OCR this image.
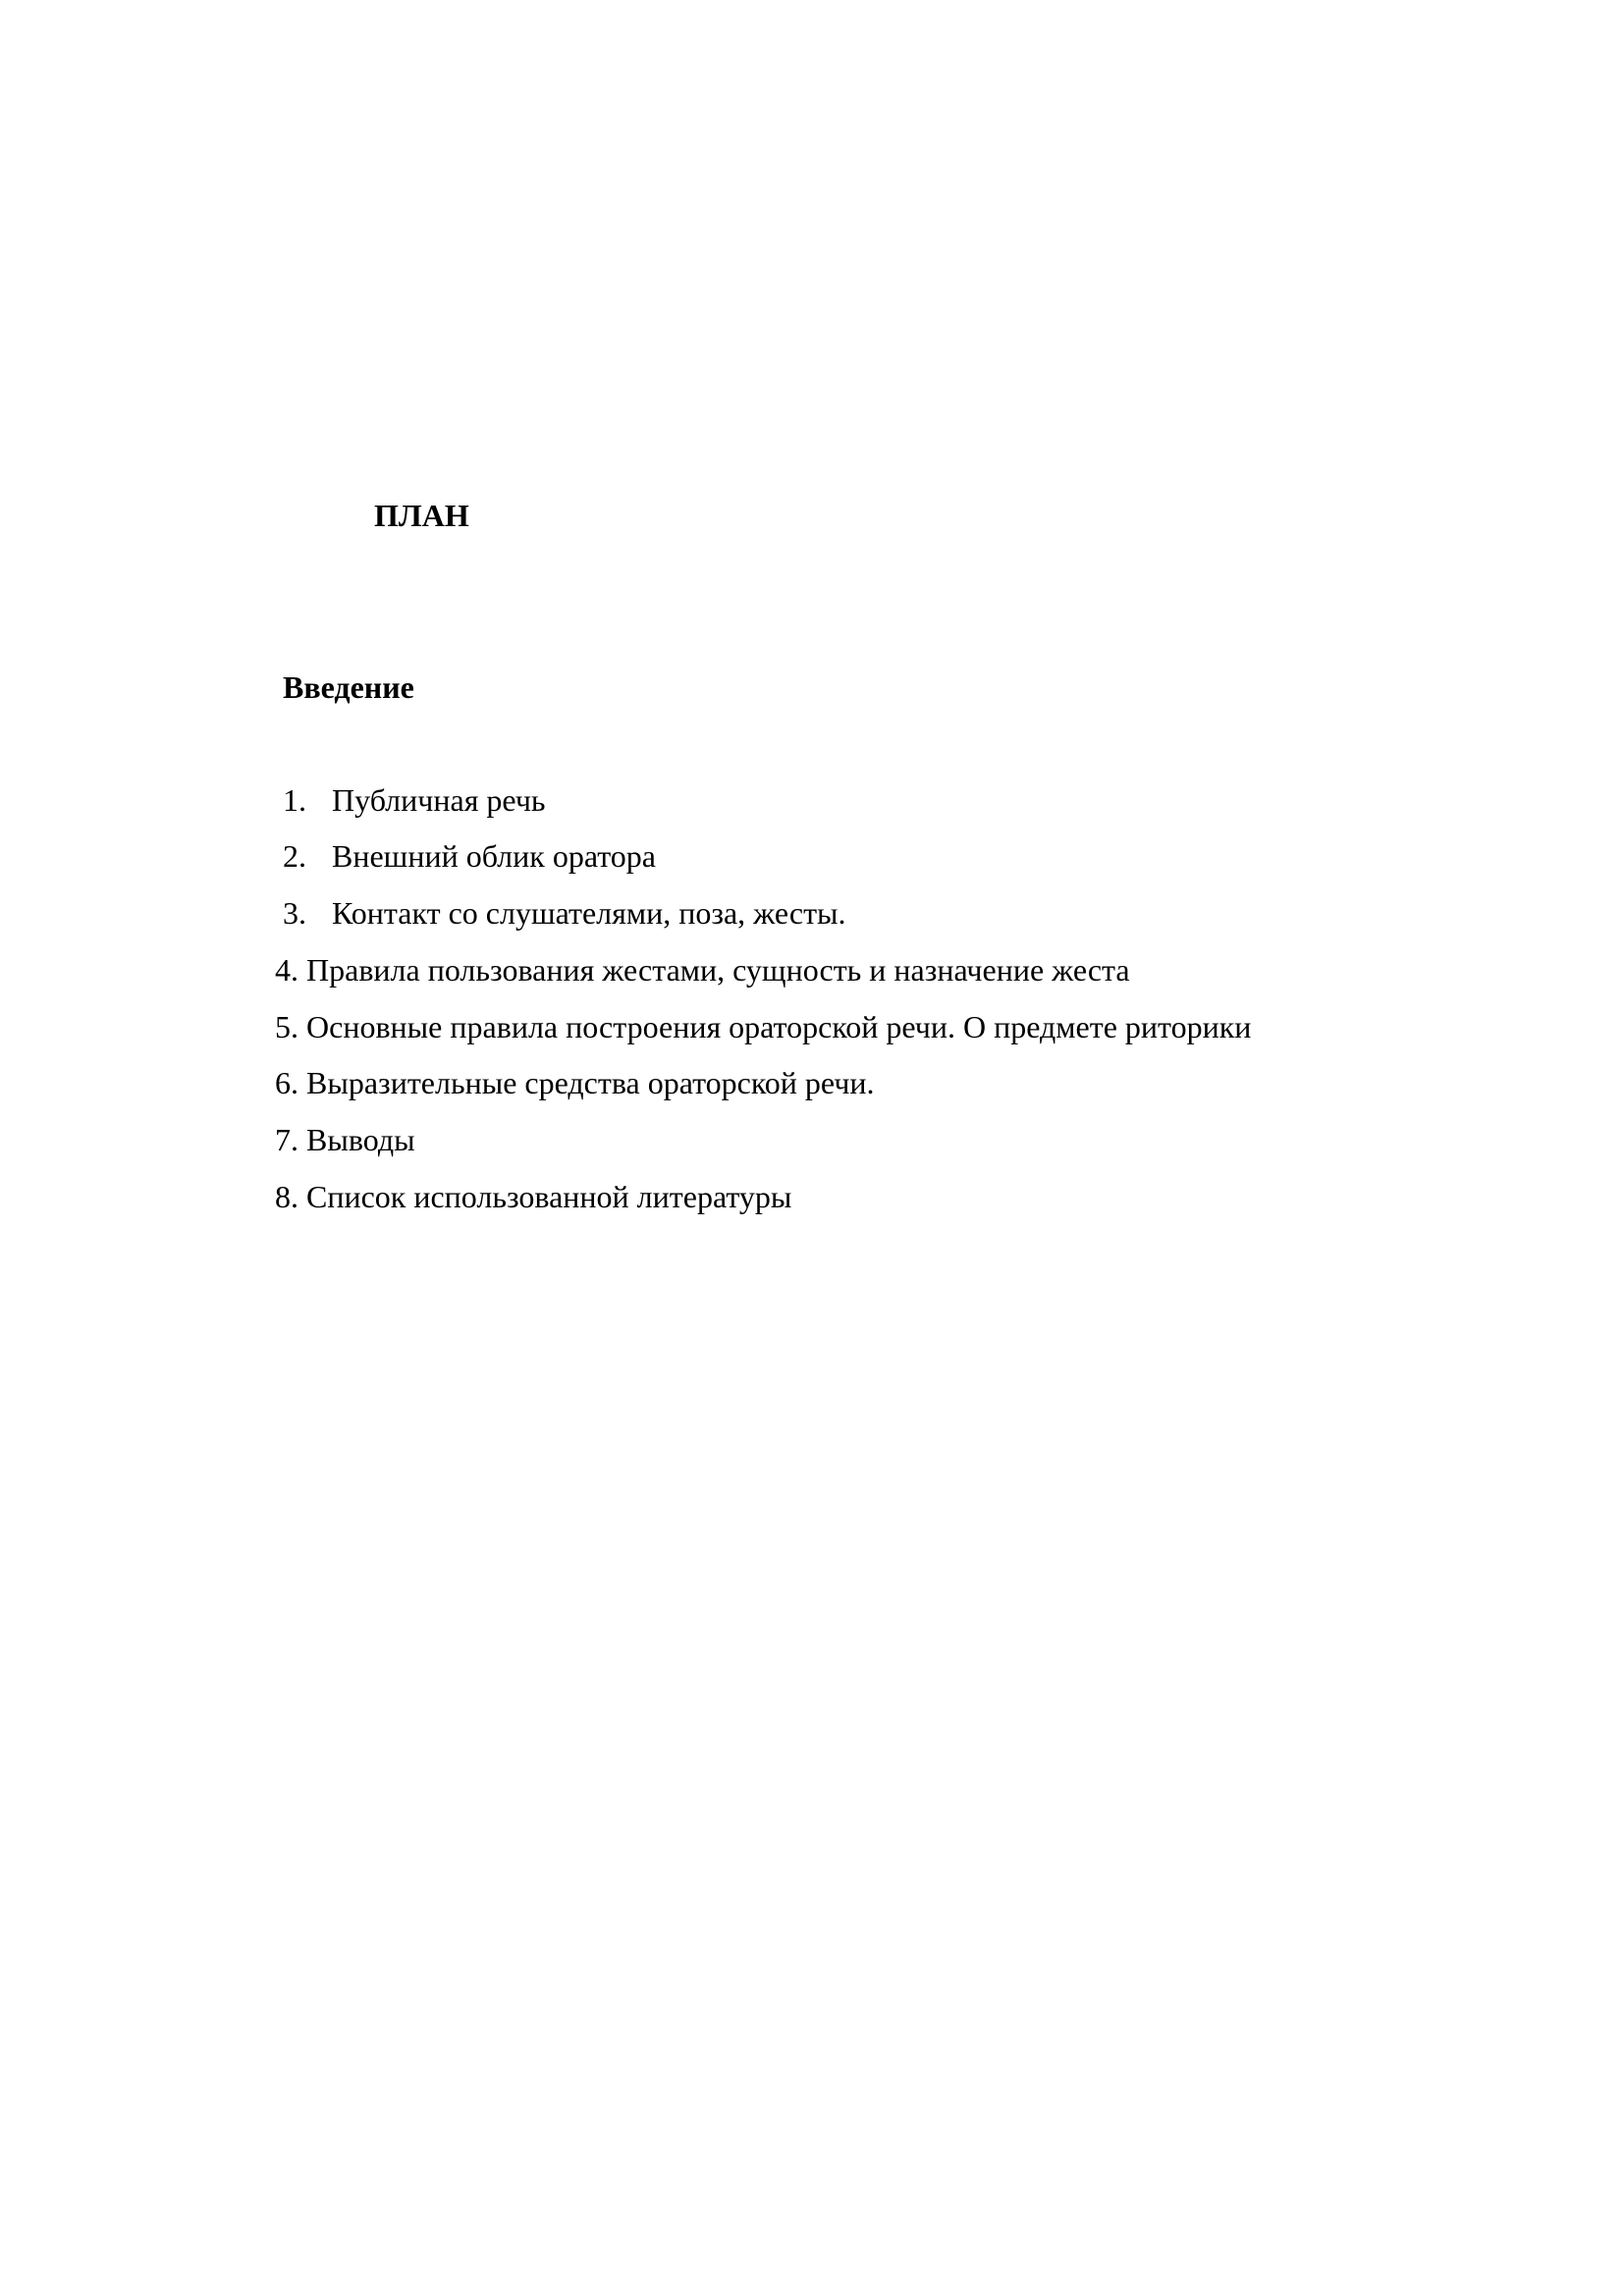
ПЛАН
Введение
1. Публичная речь
2. Внешний облик оратора
3. Контакт со слушателями, поза, жесты.
4. Правила пользования жестами, сущность и назначение жеста
5. Основные правила построения ораторской речи. О предмете риторики
6. Выразительные средства ораторской речи.
7. Выводы
8. Список использованной литературы
